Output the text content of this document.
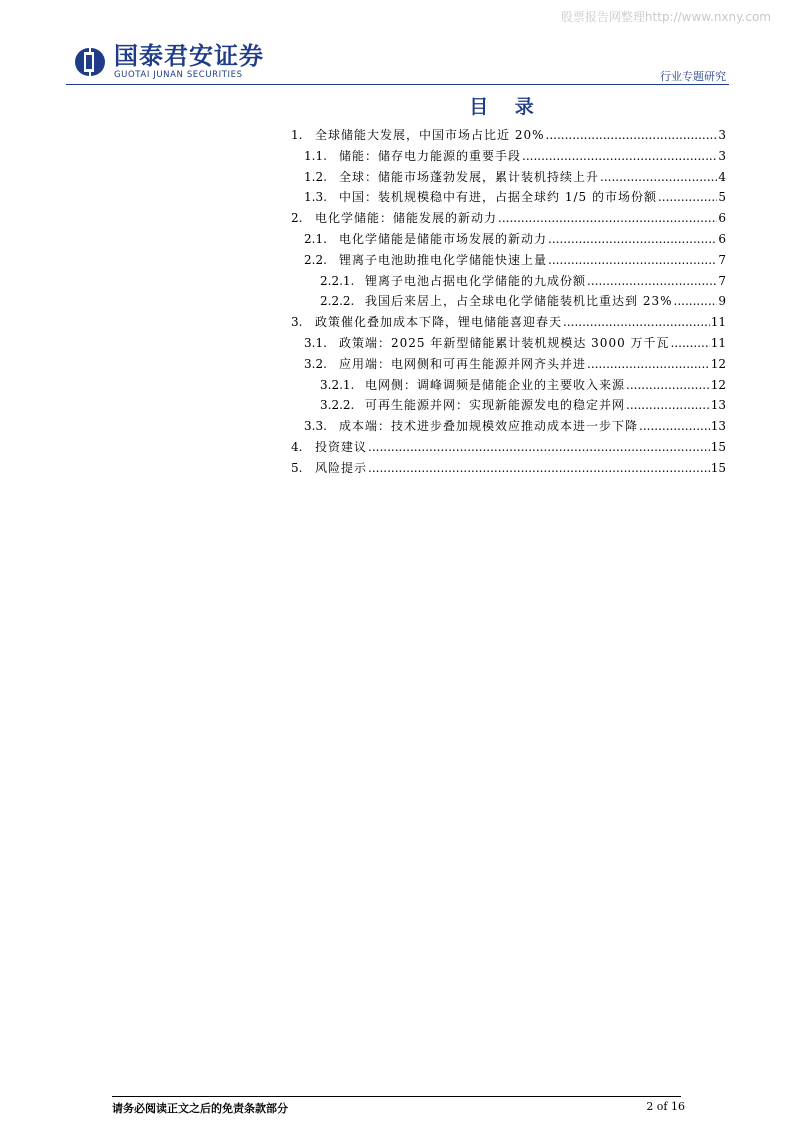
股票报告网整理http://www.nxny.com
国泰君安证券
GUOTAI JUNAN SECURITIES	行业专题研究
目 录
1.	全球储能大发展，中国市场占比近 20% .....	3
1.1.	储能：储存电力能源的重要手段 .....	3
1.2.	全球：储能市场蓬勃发展，累计装机持续上升 .....	4
1.3.	中国：装机规模稳中有进，占据全球约 1/5 的市场份额 .....	5
2.	电化学储能：储能发展的新动力 .....	6
2.1.	电化学储能是储能市场发展的新动力 .....	6
2.2.	锂离子电池助推电化学储能快速上量 .....	7
2.2.1. 锂离子电池占据电化学储能的九成份额 .....	7
2.2.2. 我国后来居上，占全球电化学储能装机比重达到 23% .....	9
3.	政策催化叠加成本下降，锂电储能喜迎春天 .....	11
3.1.	政策端：2025 年新型储能累计装机规模达 3000 万千瓦 .....	11
3.2.	应用端：电网侧和可再生能源并网齐头并进 .....	12
3.2.1. 电网侧：调峰调频是储能企业的主要收入来源 .....	12
3.2.2. 可再生能源并网：实现新能源发电的稳定并网 .....	13
3.3.	成本端：技术进步叠加规模效应推动成本进一步下降 .....	13
4.	投资建议 .....	15
5.	风险提示 .....	15
请务必阅读正文之后的免责条款部分	2 of 16
